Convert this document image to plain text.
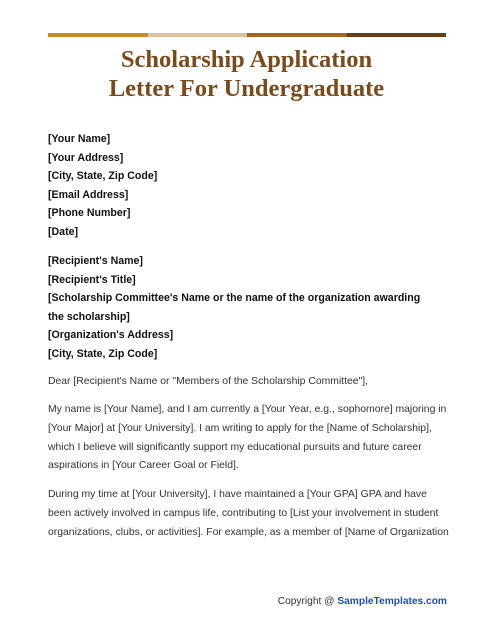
Scholarship Application
Letter For Undergraduate
[Your Name]
[Your Address]
[City, State, Zip Code]
[Email Address]
[Phone Number]
[Date]
[Recipient's Name]
[Recipient's Title]
[Scholarship Committee's Name or the name of the organization awarding the scholarship]
[Organization's Address]
[City, State, Zip Code]

Dear [Recipient's Name or "Members of the Scholarship Committee"],

My name is [Your Name], and I am currently a [Your Year, e.g., sophomore] majoring in [Your Major] at [Your University]. I am writing to apply for the [Name of Scholarship], which I believe will significantly support my educational pursuits and future career aspirations in [Your Career Goal or Field].

During my time at [Your University], I have maintained a [Your GPA] GPA and have been actively involved in campus life, contributing to [List your involvement in student organizations, clubs, or activities]. For example, as a member of [Name of Organization

Copyright @ SampleTemplates.com
